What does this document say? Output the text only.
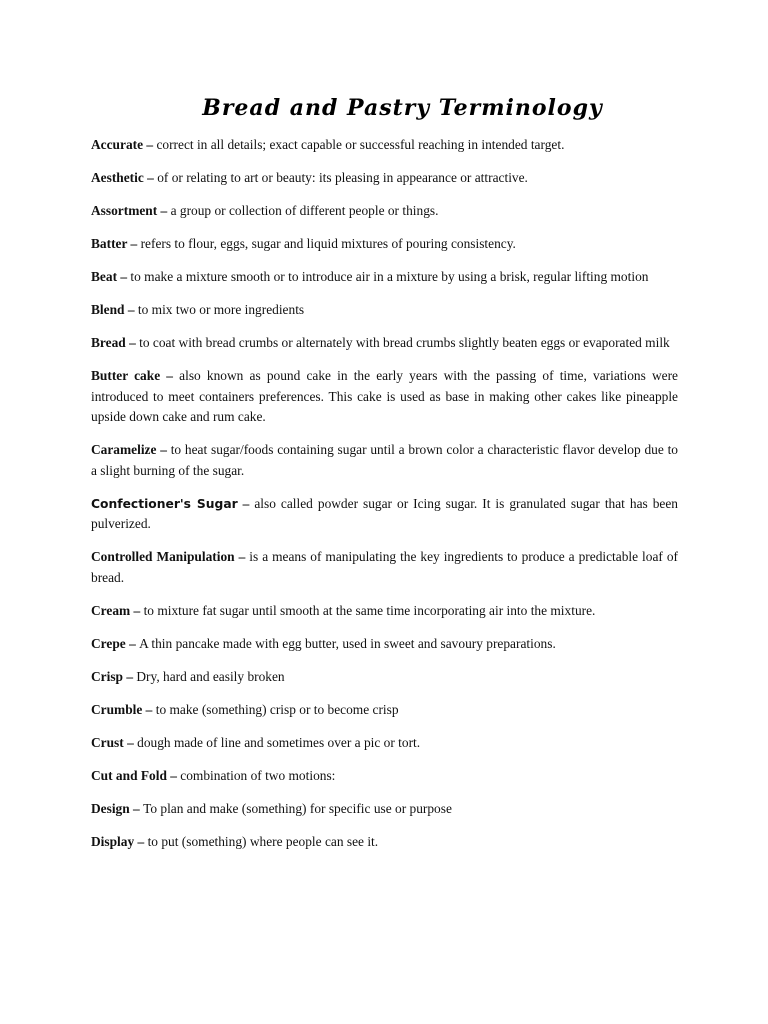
Bread and Pastry Terminology

Accurate – correct in all details; exact capable or successful reaching in intended target.

Aesthetic – of or relating to art or beauty: its pleasing in appearance or attractive.

Assortment – a group or collection of different people or things.

Batter – refers to flour, eggs, sugar and liquid mixtures of pouring consistency.

Beat – to make a mixture smooth or to introduce air in a mixture by using a brisk, regular lifting motion

Blend – to mix two or more ingredients

Bread – to coat with bread crumbs or alternately with bread crumbs slightly beaten eggs or evaporated milk

Butter cake – also known as pound cake in the early years with the passing of time, variations were introduced to meet containers preferences. This cake is used as base in making other cakes like pineapple upside down cake and rum cake.

Caramelize – to heat sugar/foods containing sugar until a brown color a characteristic flavor develop due to a slight burning of the sugar.

Confectioner's Sugar – also called powder sugar or Icing sugar. It is granulated sugar that has been pulverized.

Controlled Manipulation – is a means of manipulating the key ingredients to produce a predictable loaf of bread.

Cream – to mixture fat sugar until smooth at the same time incorporating air into the mixture.

Crepe – A thin pancake made with egg butter, used in sweet and savoury preparations.

Crisp – Dry, hard and easily broken

Crumble – to make (something) crisp or to become crisp

Crust – dough made of line and sometimes over a pic or tort.

Cut and Fold – combination of two motions:

Design – To plan and make (something) for specific use or purpose

Display – to put (something) where people can see it.
